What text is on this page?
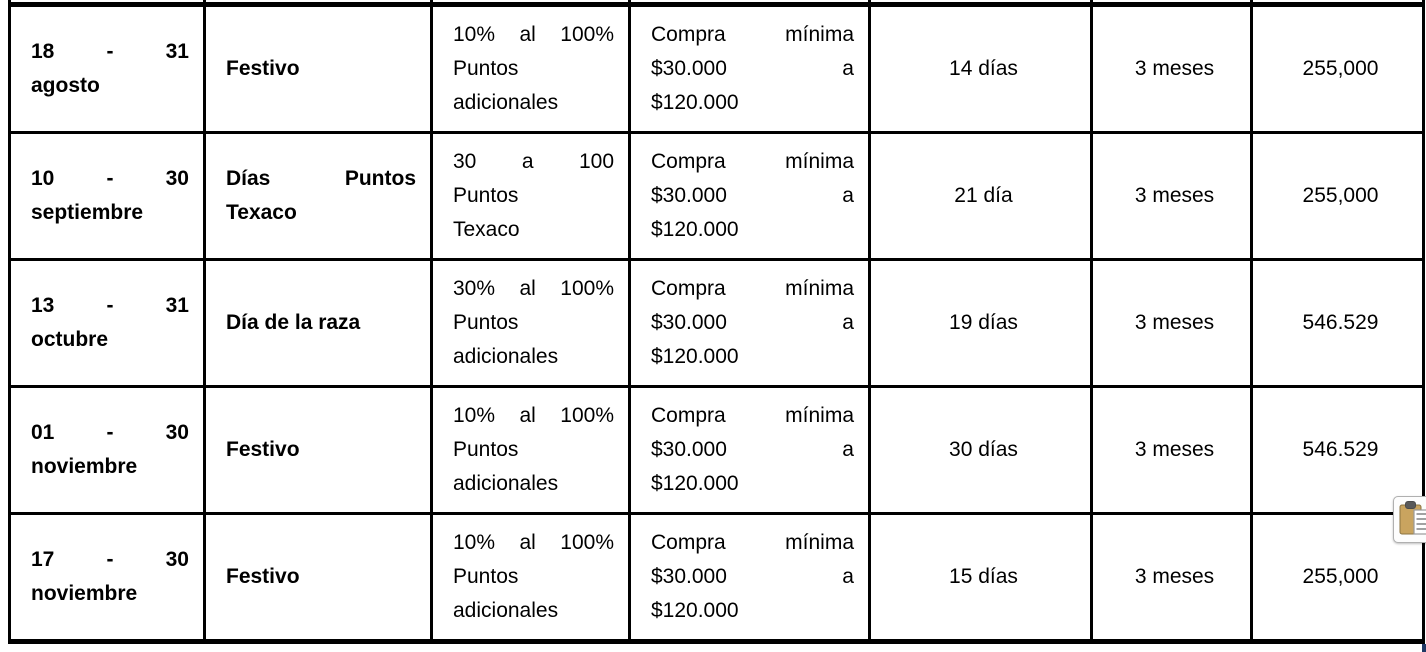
18 - 31
agosto

Festivo

10% al 100%
Puntos
adicionales

Compra mínima
$30.000 a
$120.000

14 días	3 meses	255,000

10 - 30
septiembre

Días Puntos
Texaco

30 a 100
Puntos
Texaco

Compra mínima
$30.000 a
$120.000

21 día	3 meses	255,000

13 - 31
octubre

Día de la raza

30% al 100%
Puntos
adicionales

Compra mínima
$30.000 a
$120.000

19 días	3 meses	546.529

01 - 30
noviembre

Festivo

10% al 100%
Puntos
adicionales

Compra mínima
$30.000 a
$120.000

30 días	3 meses	546.529

17 - 30
noviembre

Festivo

10% al 100%
Puntos
adicionales

Compra mínima
$30.000 a
$120.000

15 días	3 meses	255,000
